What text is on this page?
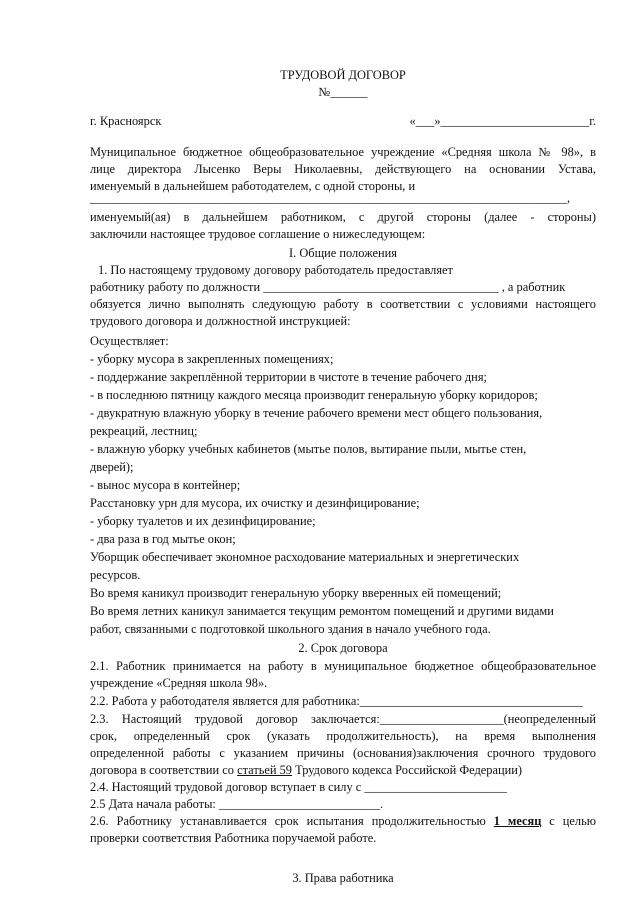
ТРУДОВОЙ ДОГОВОР
№______
г. Красноярск	«___»________________________г.
Муниципальное бюджетное общеобразовательное учреждение «Средняя школа № 98», в
лице директора Лысенко Веры Николаевны, действующего на основании Устава,
именуемый в дальнейшем работодателем, с одной стороны, и
_____________________________________________________________________________,
именуемый(ая) в дальнейшем работником, с другой стороны (далее - стороны)
заключили настоящее трудовое соглашение о нижеследующем:
I. Общие положения
1. По настоящему трудовому договору работодатель предоставляет
работнику работу по должности ______________________________________ , а работник
обязуется лично выполнять следующую работу в соответствии с условиями настоящего
трудового договора и должностной инструкцией:
Осуществляет:
- уборку мусора в закрепленных помещениях;
- поддержание закреплённой территории в чистоте в течение рабочего дня;
- в последнюю пятницу каждого месяца производит генеральную уборку коридоров;
- двукратную влажную уборку в течение рабочего времени мест общего пользования,
рекреаций, лестниц;
- влажную уборку учебных кабинетов (мытье полов, вытирание пыли, мытье стен,
дверей);
- вынос мусора в контейнер;
Расстановку урн для мусора, их очистку и дезинфицирование;
- уборку туалетов и их дезинфицирование;
- два раза в год мытье окон;
Уборщик обеспечивает экономное расходование материальных и энергетических
ресурсов.
Во время каникул производит генеральную уборку вверенных ей помещений;
Во время летних каникул занимается текущим ремонтом помещений и другими видами
работ, связанными с подготовкой школьного здания в начало учебного года.
2. Срок договора
2.1. Работник принимается на работу в муниципальное бюджетное общеобразовательное
учреждение «Средняя школа 98».
2.2. Работа у работодателя является для работника:____________________________________
2.3. Настоящий трудовой договор заключается:____________________(неопределенный
срок, определенный срок (указать продолжительность), на время выполнения
определенной работы с указанием причины (основания)заключения срочного трудового
договора в соответствии со статьей 59 Трудового кодекса Российской Федерации)
2.4. Настоящий трудовой договор вступает в силу с _______________________
2.5 Дата начала работы: __________________________.
2.6. Работнику устанавливается срок испытания продолжительностью 1 месяц с целью
проверки соответствия Работника поручаемой работе.
3. Права работника
